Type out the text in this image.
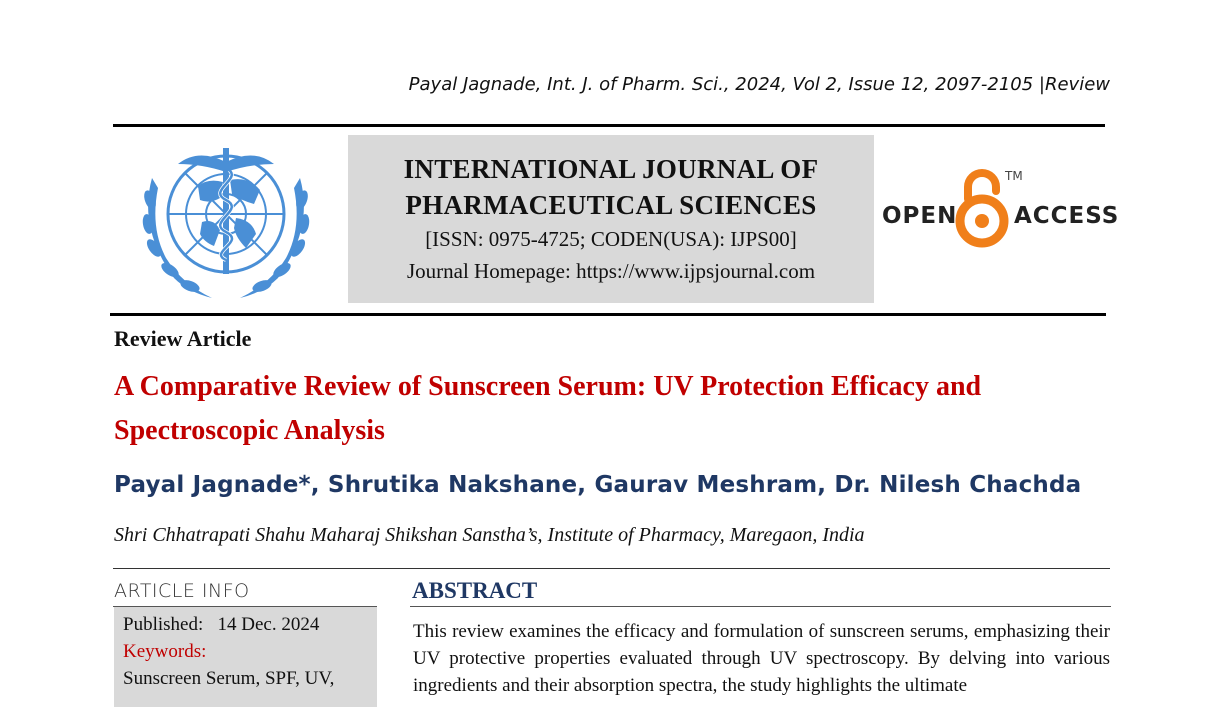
Payal Jagnade, Int. J. of Pharm. Sci., 2024, Vol 2, Issue 12, 2097-2105 |Review
INTERNATIONAL JOURNAL OF
PHARMACEUTICAL SCIENCES
[ISSN: 0975-4725; CODEN(USA): IJPS00]
Journal Homepage: https://www.ijpsjournal.com
OPEN
TM
ACCESS
Review Article
A Comparative Review of Sunscreen Serum: UV Protection Efficacy and Spectroscopic Analysis
Payal Jagnade*, Shrutika Nakshane, Gaurav Meshram, Dr. Nilesh Chachda
Shri Chhatrapati Shahu Maharaj Shikshan Sanstha’s, Institute of Pharmacy, Maregaon, India
ARTICLE INFO
Published: 14 Dec. 2024
Keywords:
Sunscreen Serum, SPF, UV,
ABSTRACT
This review examines the efficacy and formulation of sunscreen serums, emphasizing their UV protective properties evaluated through UV spectroscopy. By delving into various ingredients and their absorption spectra, the study highlights the ultimate
